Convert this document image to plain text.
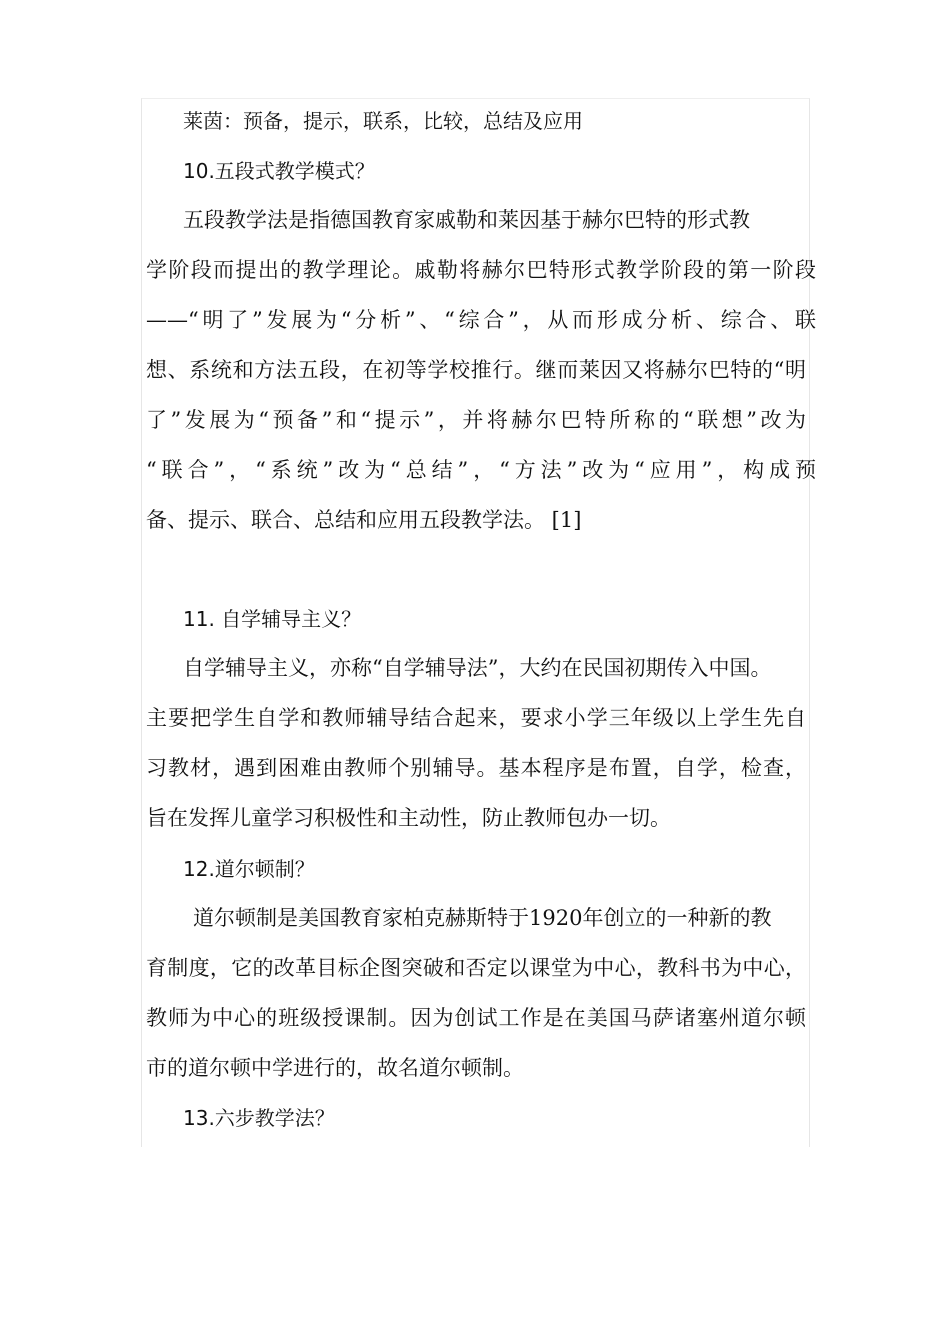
莱茵：预备，提示，联系，比较，总结及应用
10.五段式教学模式？
五段教学法是指德国教育家戚勒和莱因基于赫尔巴特的形式教
学阶段而提出的教学理论。戚勒将赫尔巴特形式教学阶段的第一阶段
——“明了”发展为“分析”、“综合”，从而形成分析、综合、联
想、系统和方法五段，在初等学校推行。继而莱因又将赫尔巴特的“明
了”发展为“预备”和“提示”，并将赫尔巴特所称的“联想”改为
“联合”，“系统”改为“总结”，“方法”改为“应用”，构成预
备、提示、联合、总结和应用五段教学法。 [1]
11. 自学辅导主义？
自学辅导主义，亦称“自学辅导法”，大约在民国初期传入中国。
主要把学生自学和教师辅导结合起来，要求小学三年级以上学生先自
习教材，遇到困难由教师个别辅导。基本程序是布置，自学，检查，
旨在发挥儿童学习积极性和主动性，防止教师包办一切。
12.道尔顿制？
道尔顿制是美国教育家柏克赫斯特于1920年创立的一种新的教
育制度，它的改革目标企图突破和否定以课堂为中心，教科书为中心，
教师为中心的班级授课制。因为创试工作是在美国马萨诸塞州道尔顿
市的道尔顿中学进行的，故名道尔顿制。
13.六步教学法？
